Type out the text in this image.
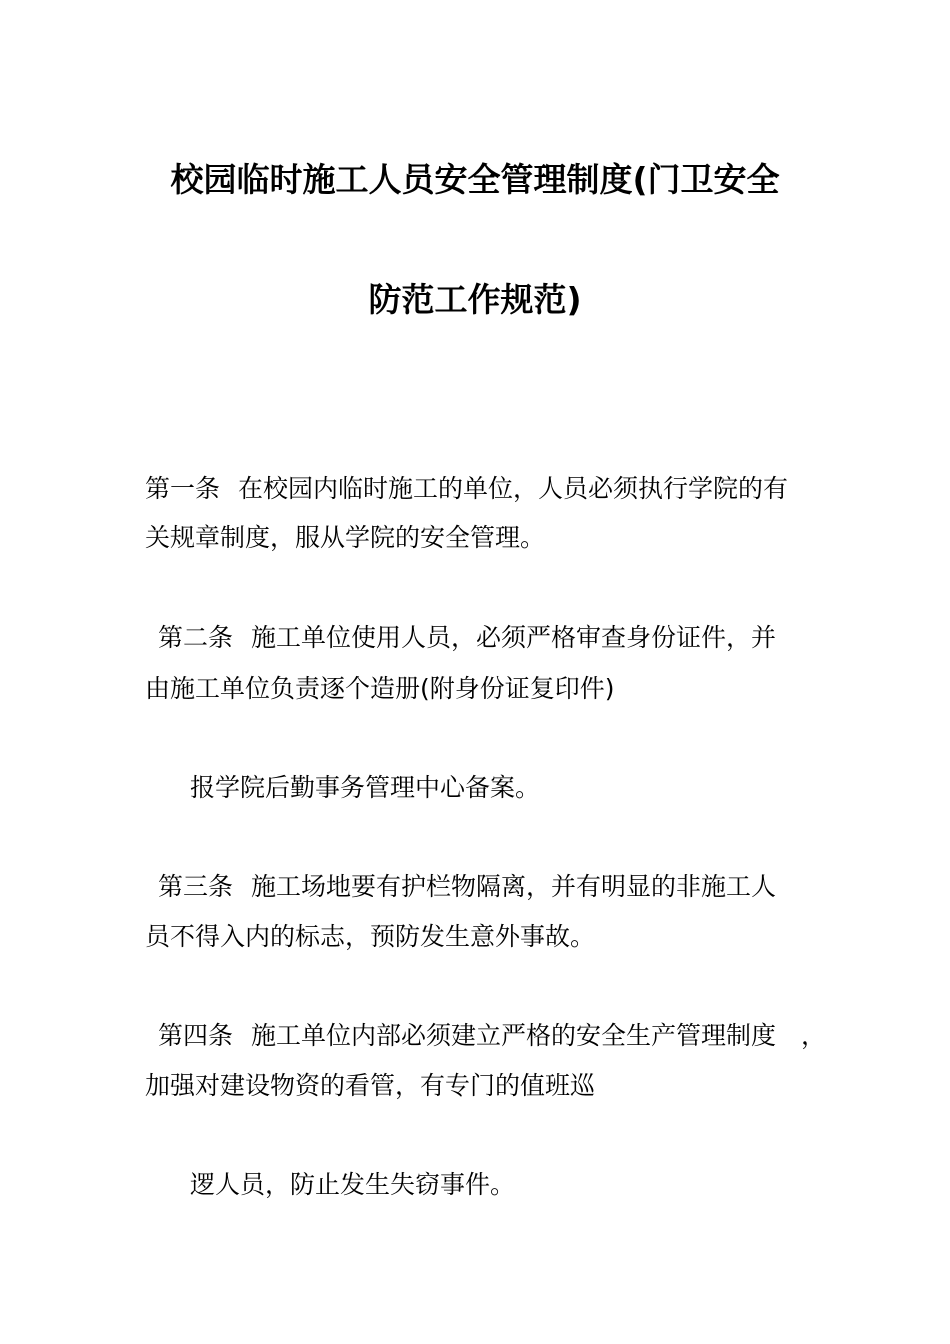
校园临时施工人员安全管理制度(门卫安全
防范工作规范)
第一条 在校园内临时施工的单位，人员必须执行学院的有
关规章制度，服从学院的安全管理。
第二条 施工单位使用人员，必须严格审查身份证件，并
由施工单位负责逐个造册(附身份证复印件)
报学院后勤事务管理中心备案。
第三条 施工场地要有护栏物隔离，并有明显的非施工人
员不得入内的标志，预防发生意外事故。
第四条 施工单位内部必须建立严格的安全生产管理制度　，
加强对建设物资的看管，有专门的值班巡
逻人员，防止发生失窃事件。
